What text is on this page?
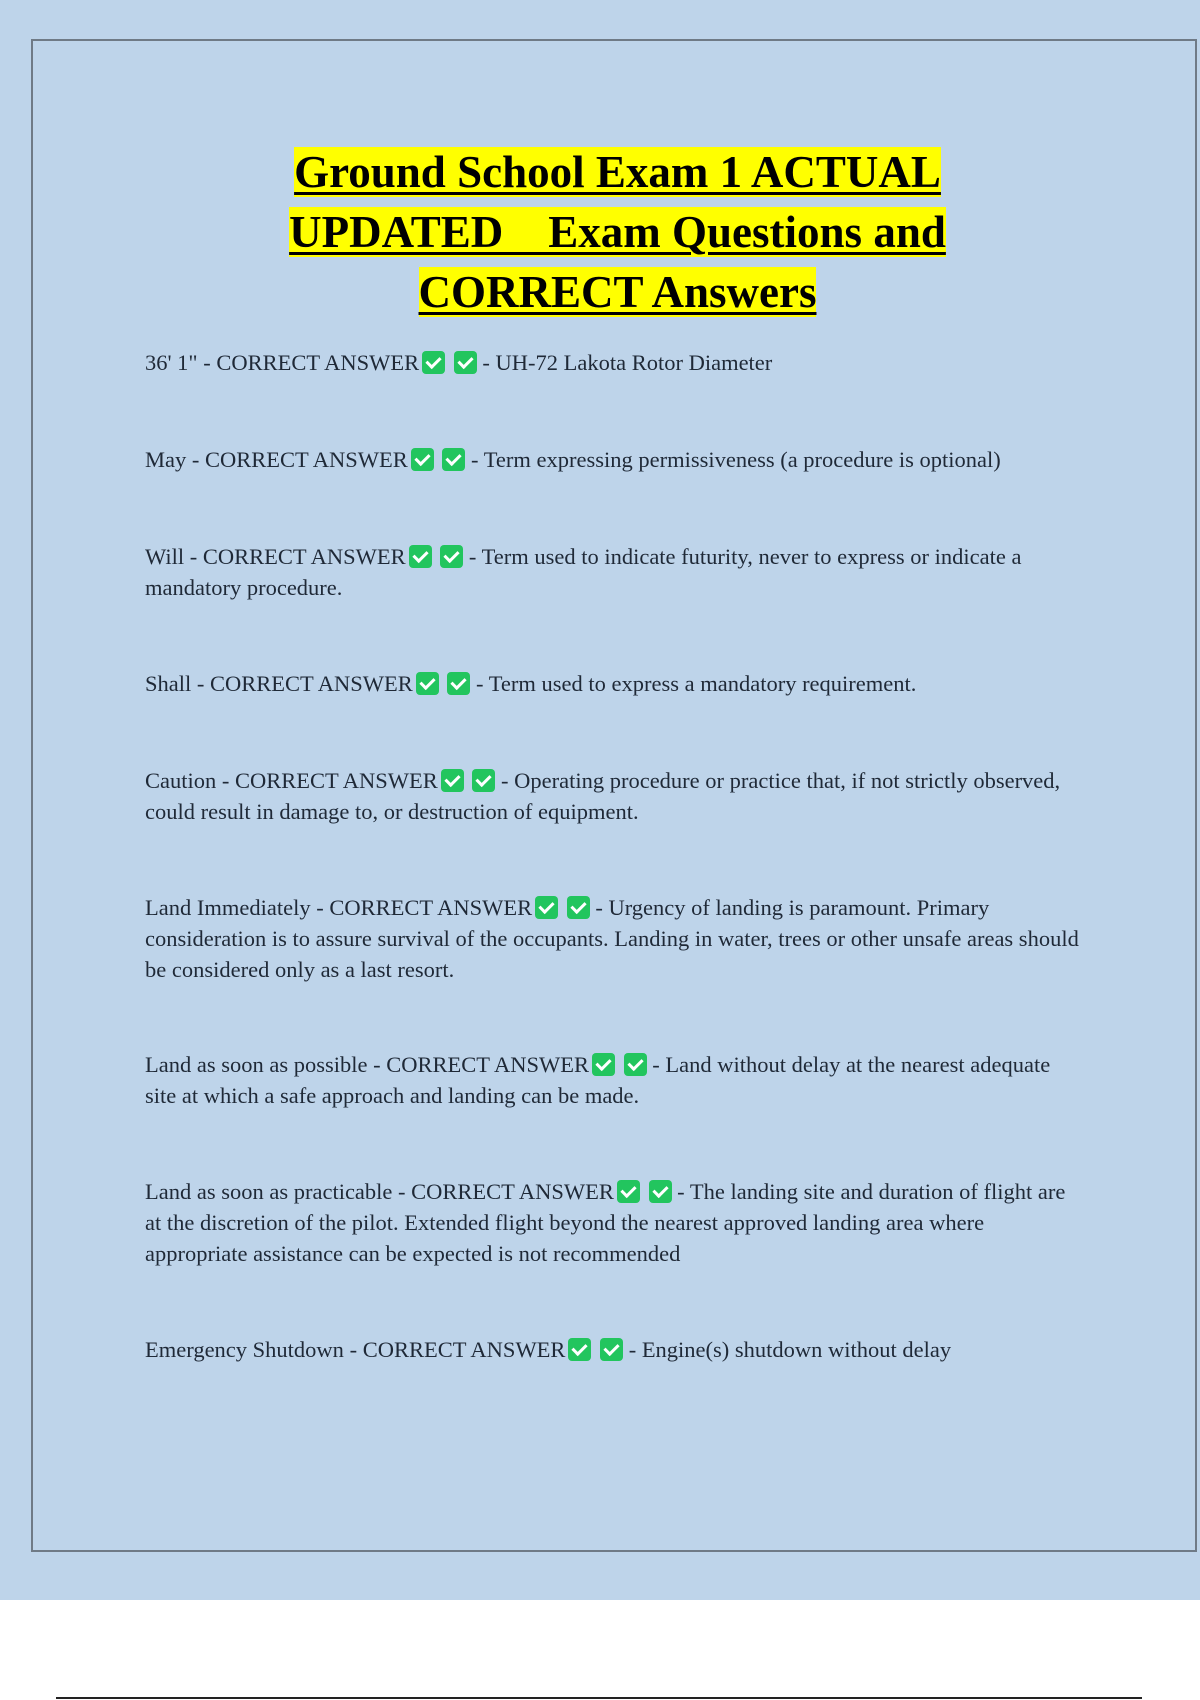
Ground School Exam 1 ACTUAL
UPDATED    Exam Questions and
CORRECT Answers

36' 1" - CORRECT ANSWER	- UH-72 Lakota Rotor Diameter

May - CORRECT ANSWER	- Term expressing permissiveness (a procedure is optional)

Will - CORRECT ANSWER	- Term used to indicate futurity, never to express or indicate a mandatory procedure.

Shall - CORRECT ANSWER	- Term used to express a mandatory requirement.

Caution - CORRECT ANSWER	- Operating procedure or practice that, if not strictly observed, could result in damage to, or destruction of equipment.

Land Immediately - CORRECT ANSWER	- Urgency of landing is paramount. Primary consideration is to assure survival of the occupants. Landing in water, trees or other unsafe areas should be considered only as a last resort.

Land as soon as possible - CORRECT ANSWER	- Land without delay at the nearest adequate site at which a safe approach and landing can be made.

Land as soon as practicable - CORRECT ANSWER	- The landing site and duration of flight are at the discretion of the pilot. Extended flight beyond the nearest approved landing area where appropriate assistance can be expected is not recommended

Emergency Shutdown - CORRECT ANSWER	- Engine(s) shutdown without delay
